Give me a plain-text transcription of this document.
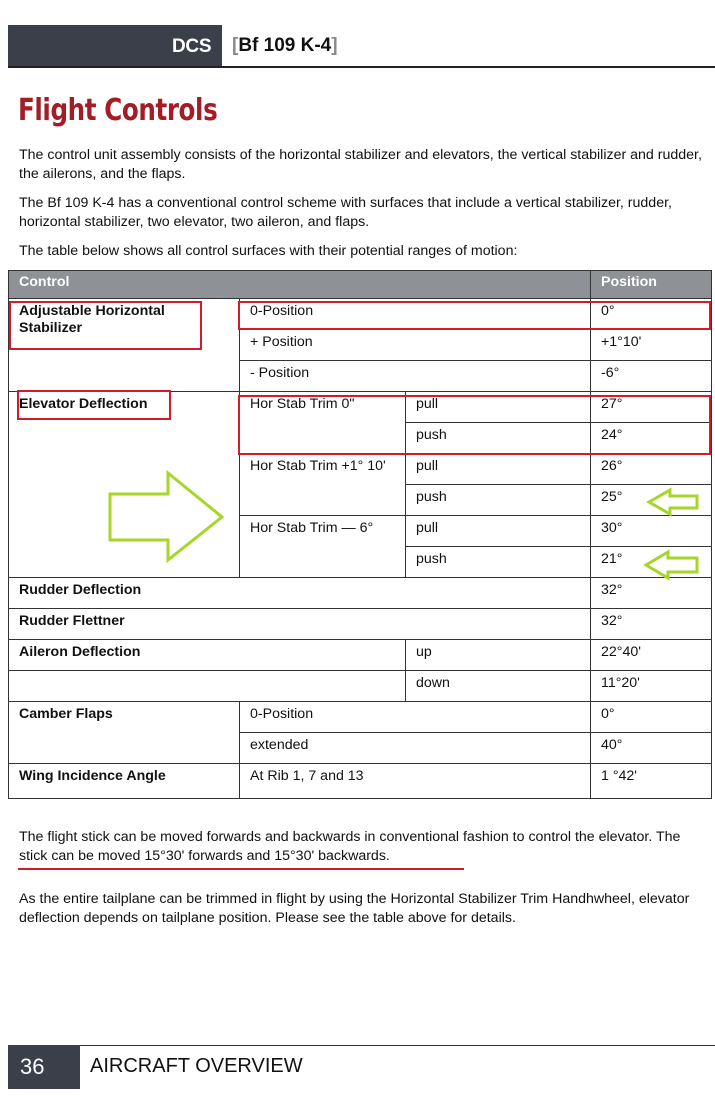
DCS [Bf 109 K-4]
Flight Controls

The control unit assembly consists of the horizontal stabilizer and elevators, the vertical stabilizer and rudder, the ailerons, and the flaps.

The Bf 109 K-4 has a conventional control scheme with surfaces that include a vertical stabilizer, rudder, horizontal stabilizer, two elevator, two aileron, and flaps.

The table below shows all control surfaces with their potential ranges of motion:

Control			Position
Adjustable Horizontal Stabilizer	0-Position		0°
	+ Position		+1°10'
	- Position		-6°
Elevator Deflection	Hor Stab Trim 0"	pull	27°
		push	24°
	Hor Stab Trim +1° 10'	pull	26°
		push	25°
	Hor Stab Trim — 6°	pull	30°
		push	21°
Rudder Deflection			32°
Rudder Flettner			32°
Aileron Deflection		up	22°40'
		down	11°20'
Camber Flaps	0-Position		0°
	extended		40°
Wing Incidence Angle	At Rib 1, 7 and 13		1 °42'

The flight stick can be moved forwards and backwards in conventional fashion to control the elevator. The stick can be moved 15°30' forwards and 15°30' backwards.

As the entire tailplane can be trimmed in flight by using the Horizontal Stabilizer Trim Handhwheel, elevator deflection depends on tailplane position. Please see the table above for details.

36	AIRCRAFT OVERVIEW
